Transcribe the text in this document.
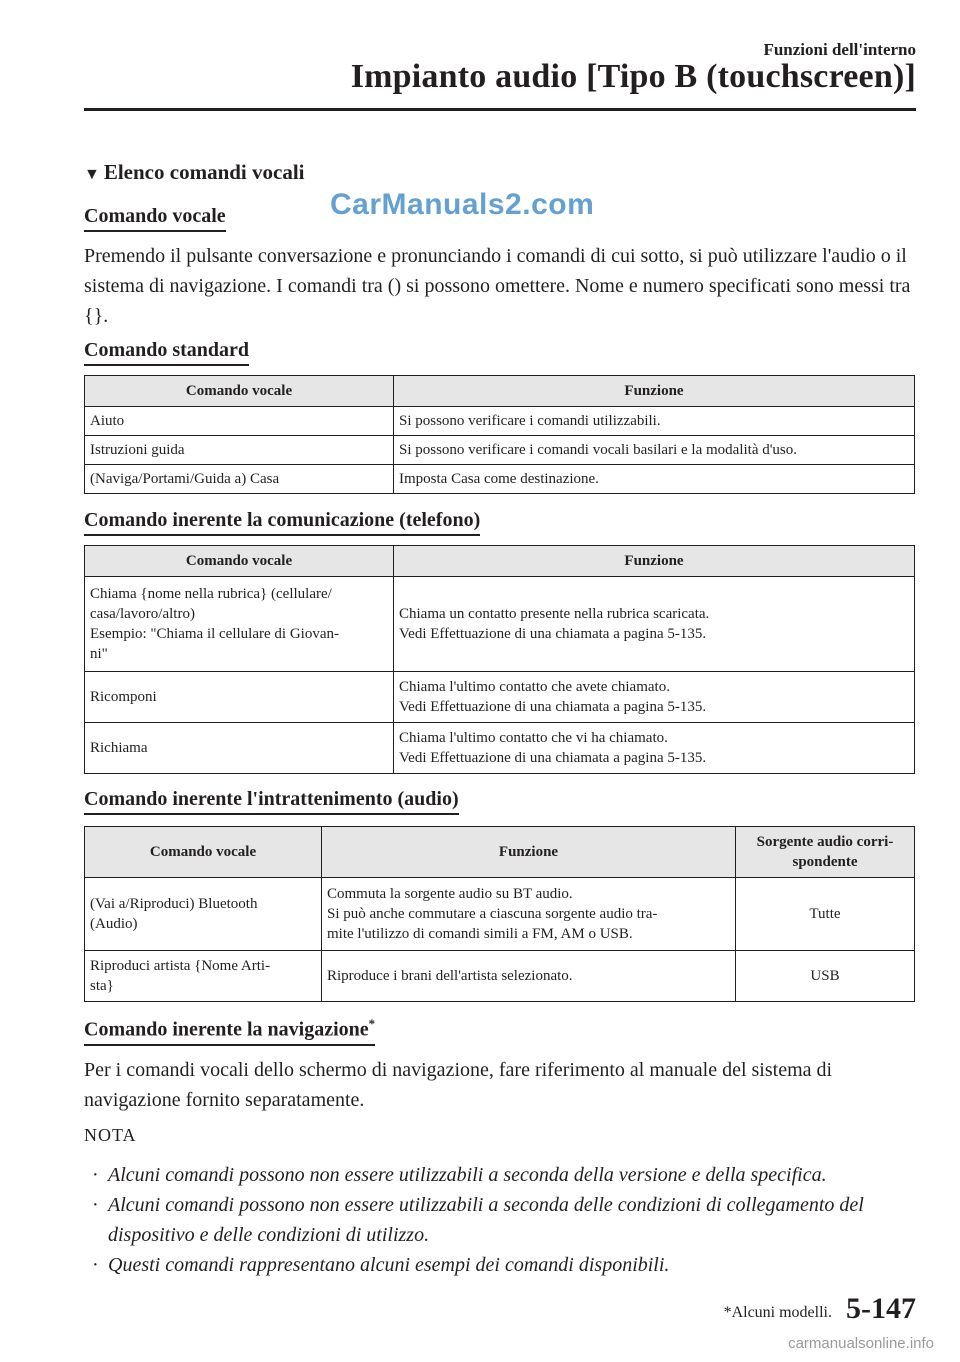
Funzioni dell'interno
Impianto audio [Tipo B (touchscreen)]
▼ Elenco comandi vocali
CarManuals2.com
Comando vocale
Premendo il pulsante conversazione e pronunciando i comandi di cui sotto, si può utilizzare l'audio o il sistema di navigazione. I comandi tra () si possono omettere. Nome e numero specificati sono messi tra {}.
Comando standard
Comando vocale	Funzione
Aiuto	Si possono verificare i comandi utilizzabili.
Istruzioni guida	Si possono verificare i comandi vocali basilari e la modalità d'uso.
(Naviga/Portami/Guida a) Casa	Imposta Casa come destinazione.
Comando inerente la comunicazione (telefono)
Comando vocale	Funzione

Chiama {nome nella rubrica} (cellulare/
casa/lavoro/altro)
Esempio: "Chiama il cellulare di Giovan-
ni"	Chiama un contatto presente nella rubrica scaricata.
Vedi Effettuazione di una chiamata a pagina 5-135.

Ricomponi	Chiama l'ultimo contatto che avete chiamato.
Vedi Effettuazione di una chiamata a pagina 5-135.

Richiama	Chiama l'ultimo contatto che vi ha chiamato.
Vedi Effettuazione di una chiamata a pagina 5-135.
Comando inerente l'intrattenimento (audio)
Comando vocale	Funzione	Sorgente audio corri-spondente

(Vai a/Riproduci) Bluetooth
(Audio)	Commuta la sorgente audio su BT audio.
Si può anche commutare a ciascuna sorgente audio tra-
mite l'utilizzo di comandi simili a FM, AM o USB.	Tutte

Riproduci artista {Nome Arti-
sta}	Riproduce i brani dell'artista selezionato.	USB
Comando inerente la navigazione*
Per i comandi vocali dello schermo di navigazione, fare riferimento al manuale del sistema di navigazione fornito separatamente.
NOTA
· Alcuni comandi possono non essere utilizzabili a seconda della versione e della specifica.
· Alcuni comandi possono non essere utilizzabili a seconda delle condizioni di collegamento del dispositivo e delle condizioni di utilizzo.
· Questi comandi rappresentano alcuni esempi dei comandi disponibili.
*Alcuni modelli. 5-147
carmanualsonline.info
